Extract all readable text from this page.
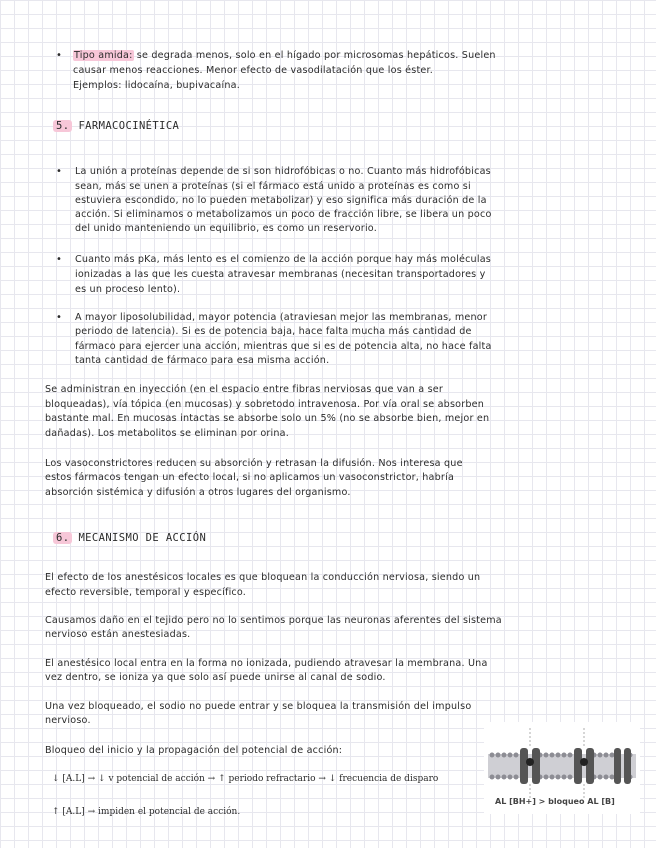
• Tipo amida: se degrada menos, solo en el hígado por microsomas hepáticos. Suelen
causar menos reacciones. Menor efecto de vasodilatación que los éster.
Ejemplos: lidocaína, bupivacaína.
5. FARMACOCINÉTICA
• La unión a proteínas depende de si son hidrofóbicas o no. Cuanto más hidrofóbicas
sean, más se unen a proteínas (si el fármaco está unido a proteínas es como si
estuviera escondido, no lo pueden metabolizar) y eso significa más duración de la
acción. Si eliminamos o metabolizamos un poco de fracción libre, se libera un poco
del unido manteniendo un equilibrio, es como un reservorio.
• Cuanto más pKa, más lento es el comienzo de la acción porque hay más moléculas
ionizadas a las que les cuesta atravesar membranas (necesitan transportadores y
es un proceso lento).
• A mayor liposolubilidad, mayor potencia (atraviesan mejor las membranas, menor
periodo de latencia). Si es de potencia baja, hace falta mucha más cantidad de
fármaco para ejercer una acción, mientras que si es de potencia alta, no hace falta
tanta cantidad de fármaco para esa misma acción.
Se administran en inyección (en el espacio entre fibras nerviosas que van a ser
bloqueadas), vía tópica (en mucosas) y sobretodo intravenosa. Por vía oral se absorben
bastante mal. En mucosas intactas se absorbe solo un 5% (no se absorbe bien, mejor en
dañadas). Los metabolitos se eliminan por orina.
Los vasoconstrictores reducen su absorción y retrasan la difusión. Nos interesa que
estos fármacos tengan un efecto local, si no aplicamos un vasoconstrictor, habría
absorción sistémica y difusión a otros lugares del organismo.
6. MECANISMO DE ACCIÓN
El efecto de los anestésicos locales es que bloquean la conducción nerviosa, siendo un
efecto reversible, temporal y específico.
Causamos daño en el tejido pero no lo sentimos porque las neuronas aferentes del sistema
nervioso están anestesiadas.
El anestésico local entra en la forma no ionizada, pudiendo atravesar la membrana. Una
vez dentro, se ioniza ya que solo así puede unirse al canal de sodio.
Una vez bloqueado, el sodio no puede entrar y se bloquea la transmisión del impulso
nervioso.
Bloqueo del inicio y la propagación del potencial de acción:
↓ [A.L] → ↓ v potencial de acción → ↑ periodo refractario → ↓ frecuencia de disparo
↑ [A.L] → impiden el potencial de acción.
AL [BH+] > bloqueo AL [B]
